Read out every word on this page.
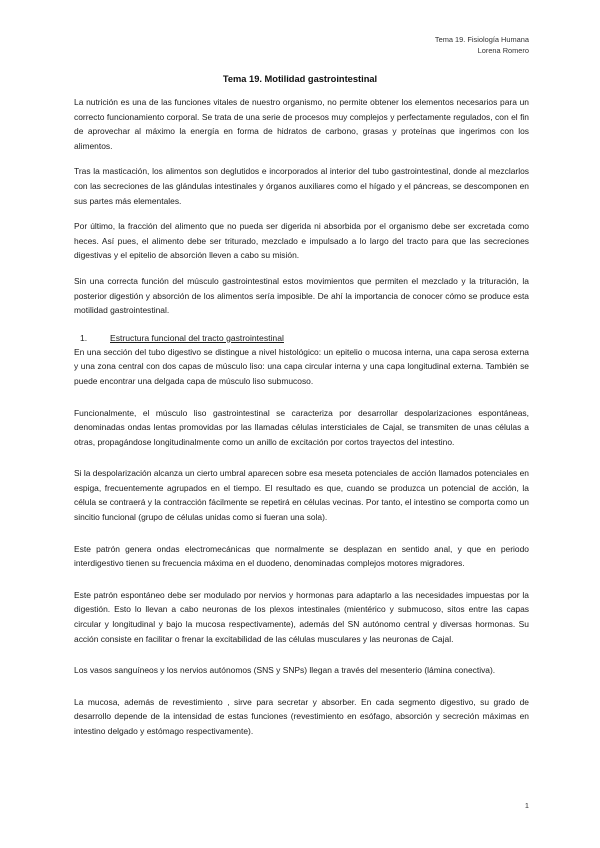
Tema 19. Fisiología Humana
Lorena Romero
Tema 19. Motilidad gastrointestinal

La nutrición es una de las funciones vitales de nuestro organismo, no permite obtener los elementos necesarios para un correcto funcionamiento corporal. Se trata de una serie de procesos muy complejos y perfectamente regulados, con el fin de aprovechar al máximo la energía en forma de hidratos de carbono, grasas y proteínas que ingerimos con los alimentos.

Tras la masticación, los alimentos son deglutidos e incorporados al interior del tubo gastrointestinal, donde al mezclarlos con las secreciones de las glándulas intestinales y órganos auxiliares como el hígado y el páncreas, se descomponen en sus partes más elementales.

Por último, la fracción del alimento que no pueda ser digerida ni absorbida por el organismo debe ser excretada como heces. Así pues, el alimento debe ser triturado, mezclado e impulsado a lo largo del tracto para que las secreciones digestivas y el epitelio de absorción lleven a cabo su misión.

Sin una correcta función del músculo gastrointestinal estos movimientos que permiten el mezclado y la trituración, la posterior digestión y absorción de los alimentos sería imposible. De ahí la importancia de conocer cómo se produce esta motilidad gastrointestinal.

1.	Estructura funcional del tracto gastrointestinal

En una sección del tubo digestivo se distingue a nivel histológico: un epitelio o mucosa interna, una capa serosa externa y una zona central con dos capas de músculo liso: una capa circular interna y una capa longitudinal externa. También se puede encontrar una delgada capa de músculo liso submucoso.

Funcionalmente, el músculo liso gastrointestinal se caracteriza por desarrollar despolarizaciones espontáneas, denominadas ondas lentas promovidas por las llamadas células intersticiales de Cajal, se transmiten de unas células a otras, propagándose longitudinalmente como un anillo de excitación por cortos trayectos del intestino.

Si la despolarización alcanza un cierto umbral aparecen sobre esa meseta potenciales de acción llamados potenciales en espiga, frecuentemente agrupados en el tiempo. El resultado es que, cuando se produzca un potencial de acción, la célula se contraerá y la contracción fácilmente se repetirá en células vecinas. Por tanto, el intestino se comporta como un sincitio funcional (grupo de células unidas como si fueran una sola).

Este patrón genera ondas electromecánicas que normalmente se desplazan en sentido anal, y que en periodo interdigestivo tienen su frecuencia máxima en el duodeno, denominadas complejos motores migradores.

Este patrón espontáneo debe ser modulado por nervios y hormonas para adaptarlo a las necesidades impuestas por la digestión. Esto lo llevan a cabo neuronas de los plexos intestinales (mientérico y submucoso, sitos entre las capas circular y longitudinal y bajo la mucosa respectivamente), además del SN autónomo central y diversas hormonas. Su acción consiste en facilitar o frenar la excitabilidad de las células musculares y las neuronas de Cajal.

Los vasos sanguíneos y los nervios autónomos (SNS y SNPs) llegan a través del mesenterio (lámina conectiva).

La mucosa, además de revestimiento , sirve para secretar y absorber. En cada segmento digestivo, su grado de desarrollo depende de la intensidad de estas funciones (revestimiento en esófago, absorción y secreción máximas en intestino delgado y estómago respectivamente).

1
